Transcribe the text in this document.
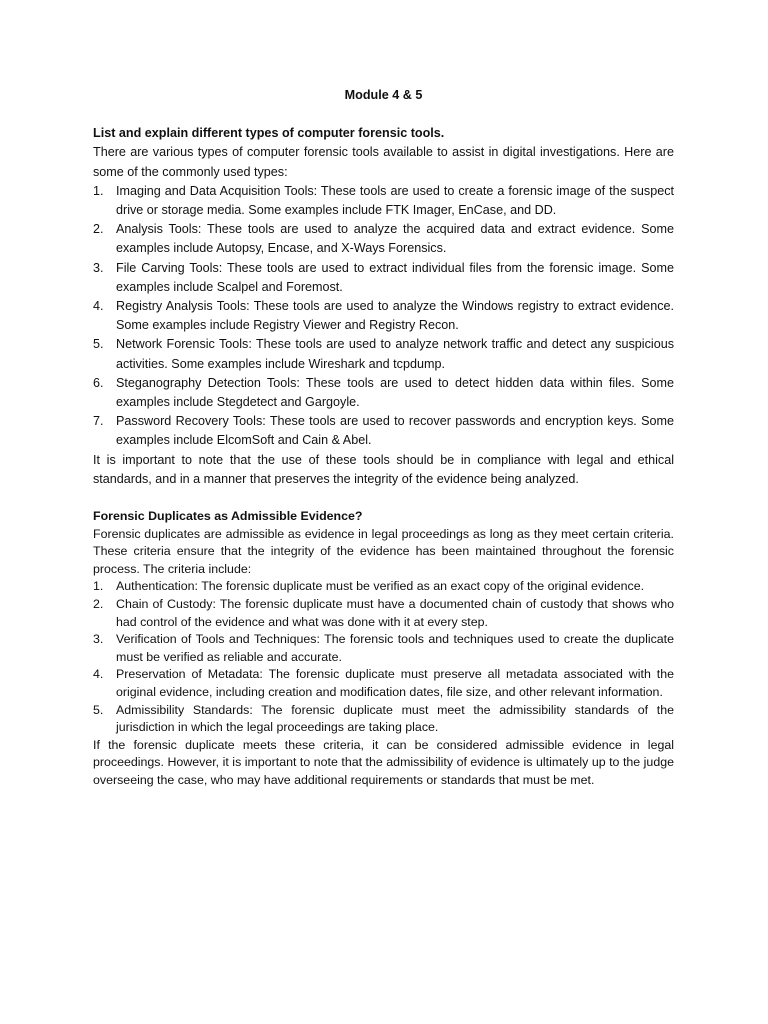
Module 4 & 5

List and explain different types of computer forensic tools.

There are various types of computer forensic tools available to assist in digital investigations. Here are some of the commonly used types:

1. Imaging and Data Acquisition Tools: These tools are used to create a forensic image of the suspect drive or storage media. Some examples include FTK Imager, EnCase, and DD.
2. Analysis Tools: These tools are used to analyze the acquired data and extract evidence. Some examples include Autopsy, Encase, and X-Ways Forensics.
3. File Carving Tools: These tools are used to extract individual files from the forensic image. Some examples include Scalpel and Foremost.
4. Registry Analysis Tools: These tools are used to analyze the Windows registry to extract evidence. Some examples include Registry Viewer and Registry Recon.
5. Network Forensic Tools: These tools are used to analyze network traffic and detect any suspicious activities. Some examples include Wireshark and tcpdump.
6. Steganography Detection Tools: These tools are used to detect hidden data within files. Some examples include Stegdetect and Gargoyle.
7. Password Recovery Tools: These tools are used to recover passwords and encryption keys. Some examples include ElcomSoft and Cain & Abel.

It is important to note that the use of these tools should be in compliance with legal and ethical standards, and in a manner that preserves the integrity of the evidence being analyzed.

Forensic Duplicates as Admissible Evidence?

Forensic duplicates are admissible as evidence in legal proceedings as long as they meet certain criteria. These criteria ensure that the integrity of the evidence has been maintained throughout the forensic process. The criteria include:

1. Authentication: The forensic duplicate must be verified as an exact copy of the original evidence.
2. Chain of Custody: The forensic duplicate must have a documented chain of custody that shows who had control of the evidence and what was done with it at every step.
3. Verification of Tools and Techniques: The forensic tools and techniques used to create the duplicate must be verified as reliable and accurate.
4. Preservation of Metadata: The forensic duplicate must preserve all metadata associated with the original evidence, including creation and modification dates, file size, and other relevant information.
5. Admissibility Standards: The forensic duplicate must meet the admissibility standards of the jurisdiction in which the legal proceedings are taking place.

If the forensic duplicate meets these criteria, it can be considered admissible evidence in legal proceedings. However, it is important to note that the admissibility of evidence is ultimately up to the judge overseeing the case, who may have additional requirements or standards that must be met.
